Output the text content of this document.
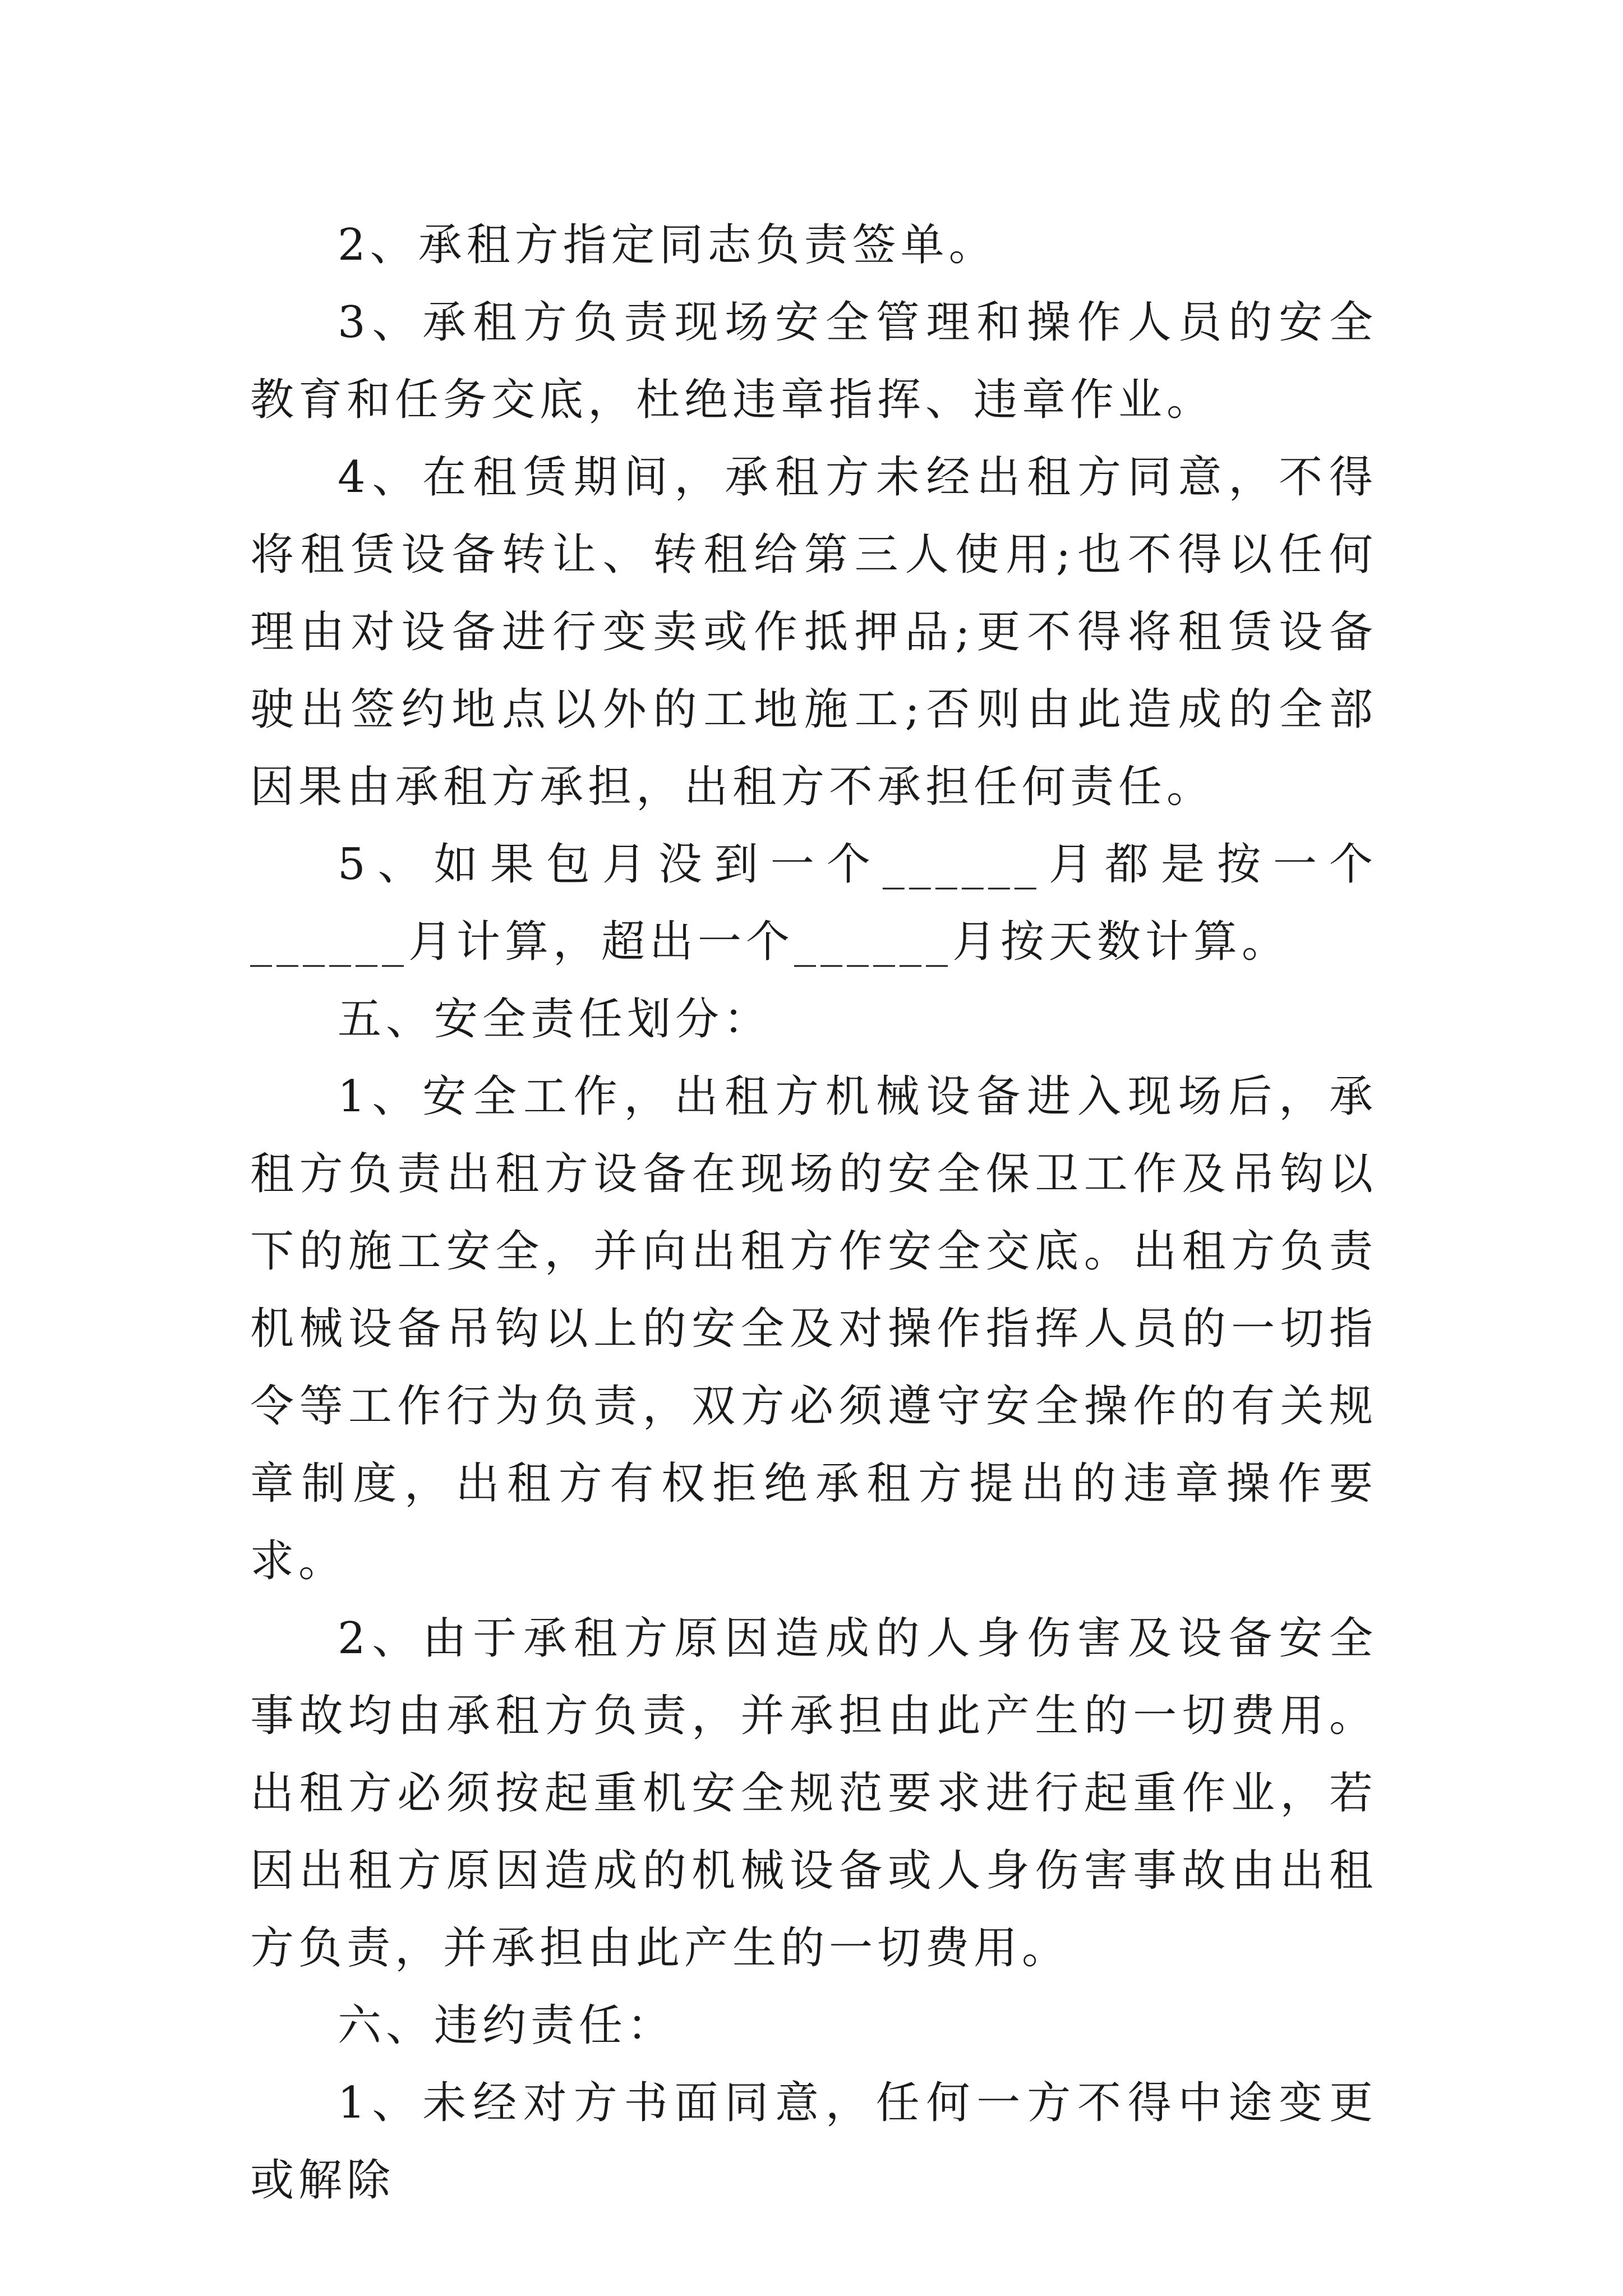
2、承租方指定同志负责签单。

3、承租方负责现场安全管理和操作人员的安全教育和任务交底，杜绝违章指挥、违章作业。

4、在租赁期间，承租方未经出租方同意，不得将租赁设备转让、转租给第三人使用;也不得以任何理由对设备进行变卖或作抵押品;更不得将租赁设备驶出签约地点以外的工地施工;否则由此造成的全部因果由承租方承担，出租方不承担任何责任。

5、如果包月没到一个______月都是按一个______月计算，超出一个______月按天数计算。

五、安全责任划分：

1、安全工作，出租方机械设备进入现场后，承租方负责出租方设备在现场的安全保卫工作及吊钩以下的施工安全，并向出租方作安全交底。出租方负责机械设备吊钩以上的安全及对操作指挥人员的一切指令等工作行为负责，双方必须遵守安全操作的有关规章制度，出租方有权拒绝承租方提出的违章操作要求。

2、由于承租方原因造成的人身伤害及设备安全事故均由承租方负责，并承担由此产生的一切费用。出租方必须按起重机安全规范要求进行起重作业，若因出租方原因造成的机械设备或人身伤害事故由出租方负责，并承担由此产生的一切费用。

六、违约责任：

1、未经对方书面同意，任何一方不得中途变更或解除
